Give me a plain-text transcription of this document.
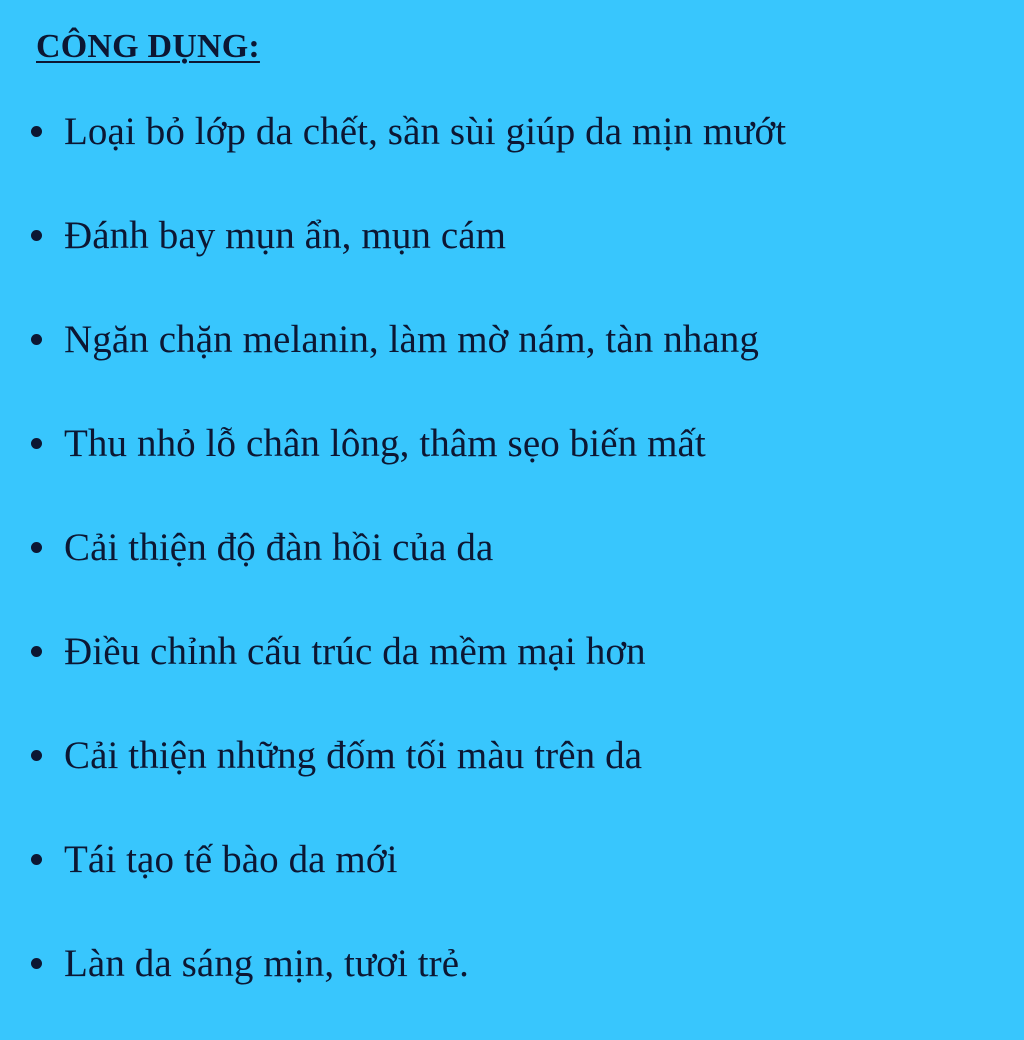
CÔNG DỤNG:
Loại bỏ lớp da chết, sần sùi giúp da mịn mướt
Đánh bay mụn ẩn, mụn cám
Ngăn chặn melanin, làm mờ nám, tàn nhang
Thu nhỏ lỗ chân lông, thâm sẹo biến mất
Cải thiện độ đàn hồi của da
Điều chỉnh cấu trúc da mềm mại hơn
Cải thiện những đốm tối màu trên da
Tái tạo tế bào da mới
Làn da sáng mịn, tươi trẻ.
